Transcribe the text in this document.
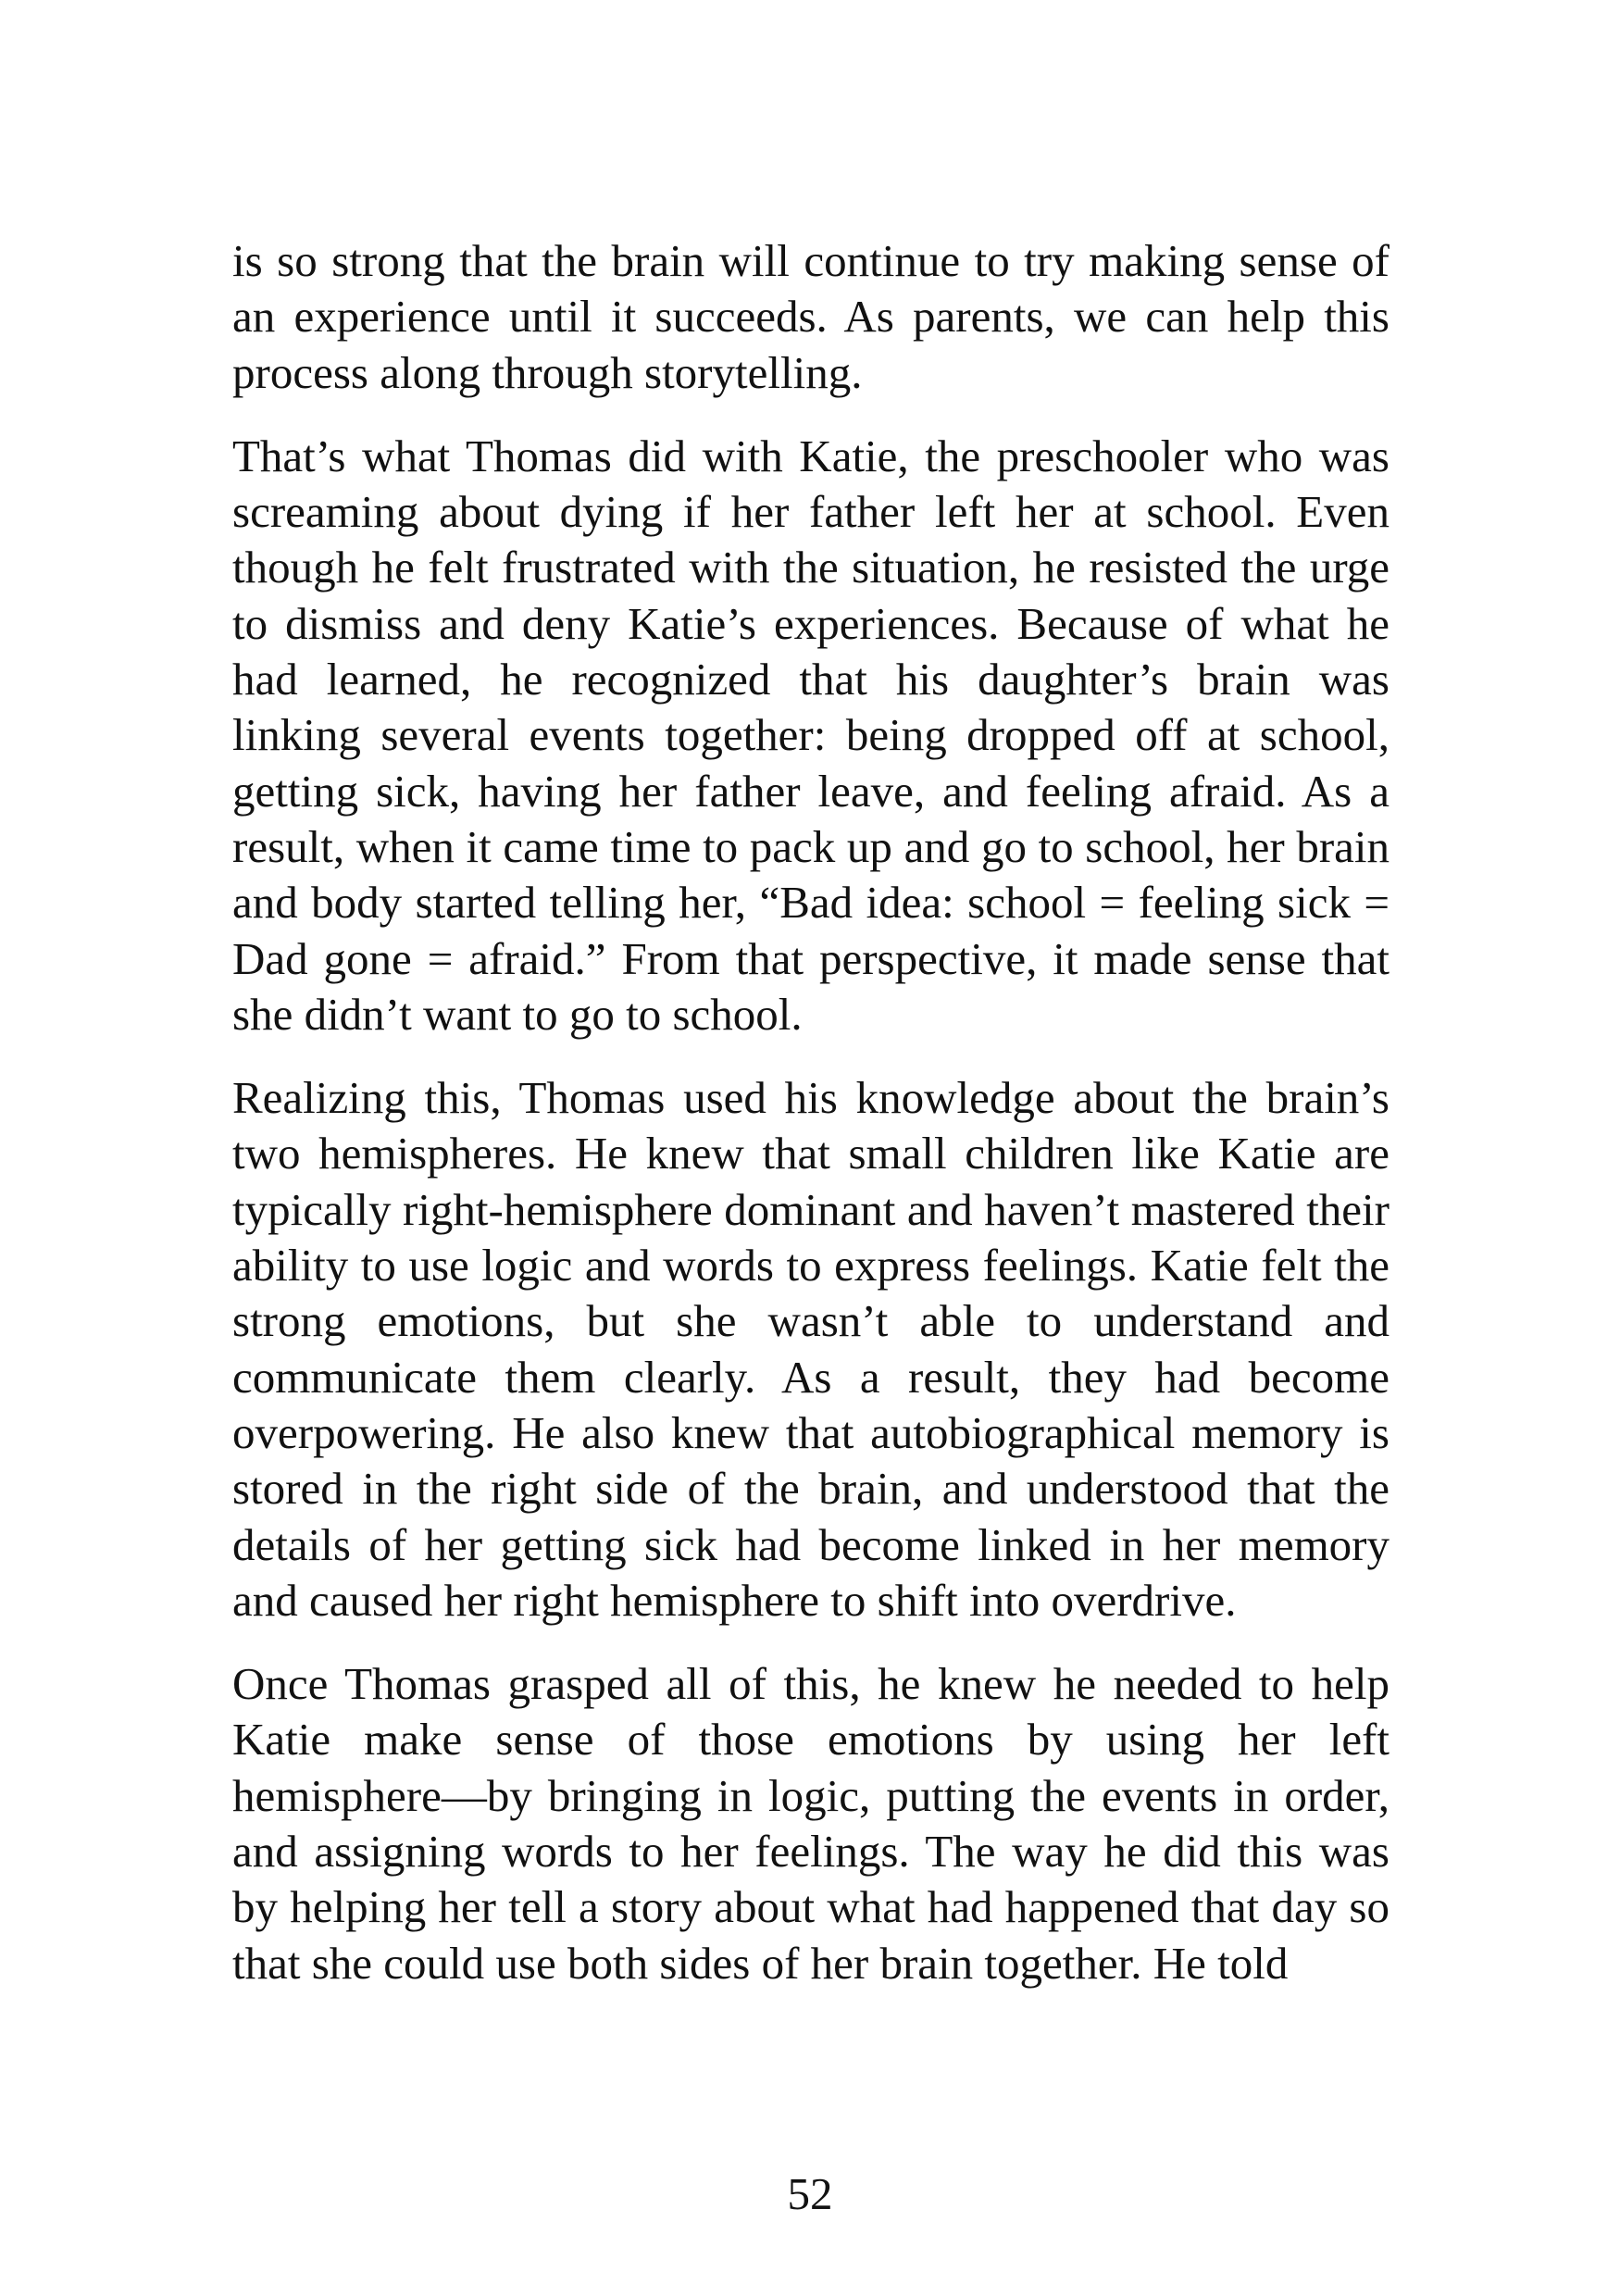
is so strong that the brain will continue to try making sense of an experience until it succeeds. As parents, we can help this process along through storytelling.

That’s what Thomas did with Katie, the preschooler who was screaming about dying if her father left her at school. Even though he felt frustrated with the situation, he resisted the urge to dismiss and deny Katie’s experiences. Because of what he had learned, he recognized that his daughter’s brain was linking several events together: being dropped off at school, getting sick, having her father leave, and feeling afraid. As a result, when it came time to pack up and go to school, her brain and body started telling her, “Bad idea: school = feeling sick = Dad gone = afraid.” From that perspective, it made sense that she didn’t want to go to school.

Realizing this, Thomas used his knowledge about the brain’s two hemispheres. He knew that small children like Katie are typically right-hemisphere dominant and haven’t mastered their ability to use logic and words to express feelings. Katie felt the strong emotions, but she wasn’t able to understand and communicate them clearly. As a result, they had become overpowering. He also knew that autobiographical memory is stored in the right side of the brain, and understood that the details of her getting sick had become linked in her memory and caused her right hemisphere to shift into overdrive.

Once Thomas grasped all of this, he knew he needed to help Katie make sense of those emotions by using her left hemisphere—by bringing in logic, putting the events in order, and assigning words to her feelings. The way he did this was by helping her tell a story about what had happened that day so that she could use both sides of her brain together. He told

52
